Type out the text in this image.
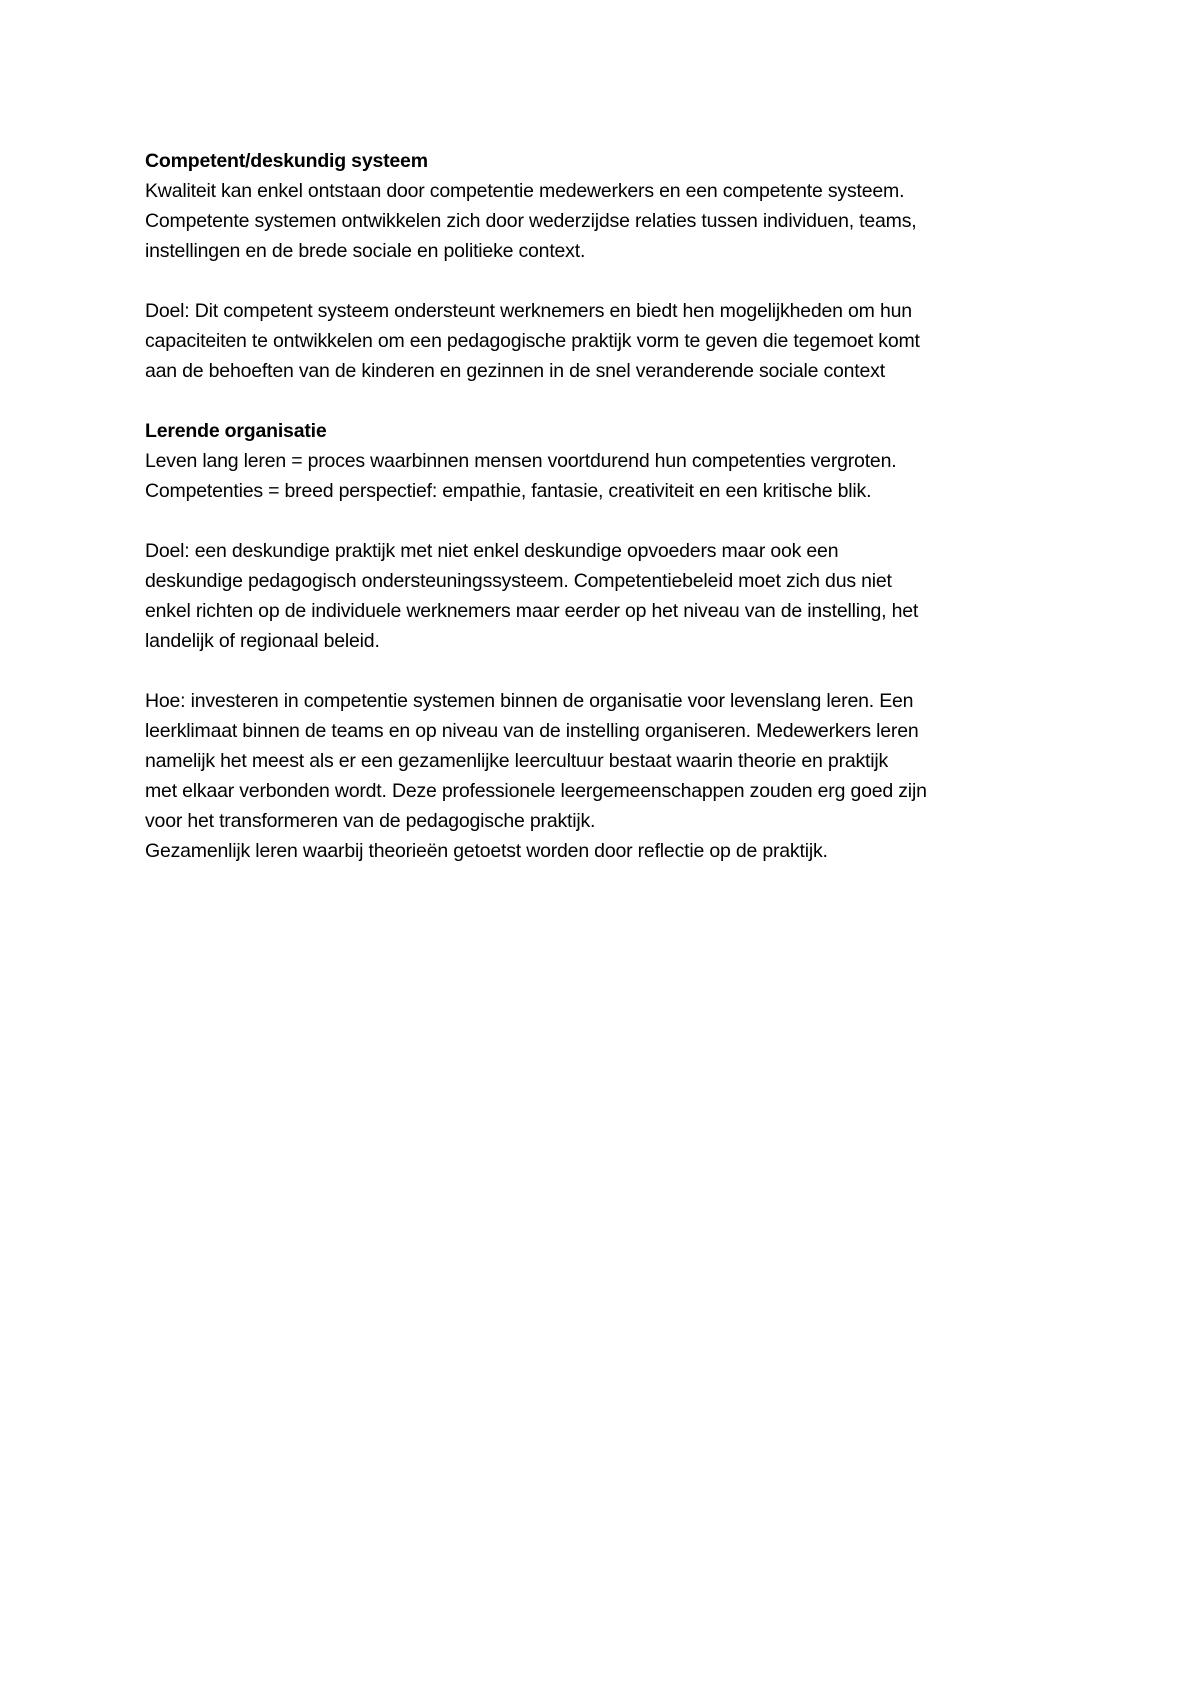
Competent/deskundig systeem
Kwaliteit kan enkel ontstaan door competentie medewerkers en een competente systeem.
Competente systemen ontwikkelen zich door wederzijdse relaties tussen individuen, teams,
instellingen en de brede sociale en politieke context.
Doel: Dit competent systeem ondersteunt werknemers en biedt hen mogelijkheden om hun
capaciteiten te ontwikkelen om een pedagogische praktijk vorm te geven die tegemoet komt
aan de behoeften van de kinderen en gezinnen in de snel veranderende sociale context
Lerende organisatie
Leven lang leren = proces waarbinnen mensen voortdurend hun competenties vergroten.
Competenties = breed perspectief: empathie, fantasie, creativiteit en een kritische blik.
Doel: een deskundige praktijk met niet enkel deskundige opvoeders maar ook een
deskundige pedagogisch ondersteuningssysteem. Competentiebeleid moet zich dus niet
enkel richten op de individuele werknemers maar eerder op het niveau van de instelling, het
landelijk of regionaal beleid.
Hoe: investeren in competentie systemen binnen de organisatie voor levenslang leren. Een
leerklimaat binnen de teams en op niveau van de instelling organiseren. Medewerkers leren
namelijk het meest als er een gezamenlijke leercultuur bestaat waarin theorie en praktijk
met elkaar verbonden wordt. Deze professionele leergemeenschappen zouden erg goed zijn
voor het transformeren van de pedagogische praktijk.
Gezamenlijk leren waarbij theorieën getoetst worden door reflectie op de praktijk.
